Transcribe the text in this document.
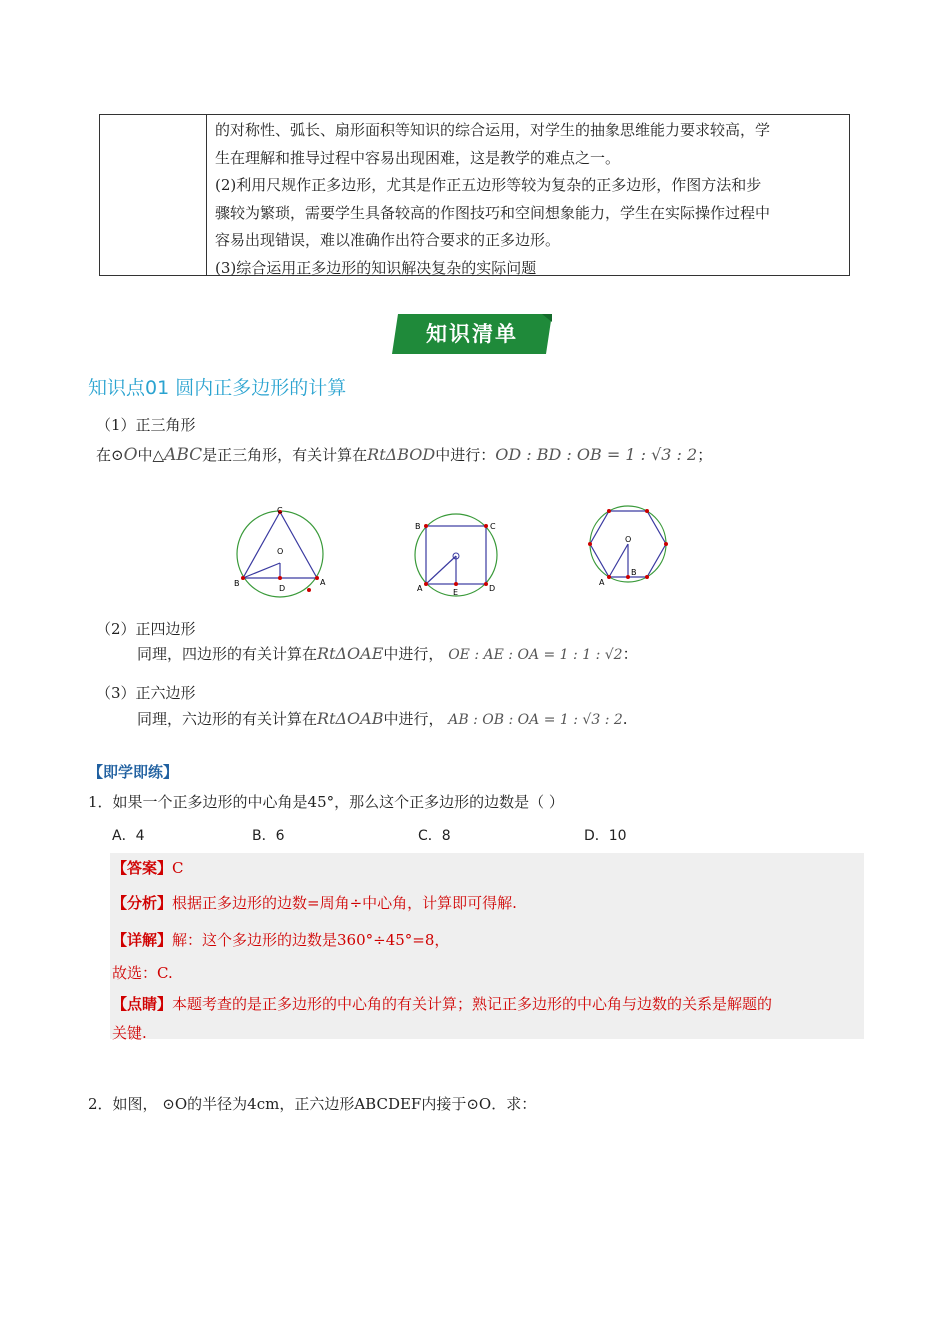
的对称性、弧长、扇形面积等知识的综合运用，对学生的抽象思维能力要求较高，学

生在理解和推导过程中容易出现困难，这是教学的难点之一。

(2)利用尺规作正多边形，尤其是作正五边形等较为复杂的正多边形，作图方法和步

骤较为繁琐，需要学生具备较高的作图技巧和空间想象能力，学生在实际操作过程中

容易出现错误，难以准确作出符合要求的正多边形。

(3)综合运用正多边形的知识解决复杂的实际问题

知识清单
知识点01 圆内正多边形的计算
（1）正三角形
在⊙O中△ABC是正三角形，有关计算在RtΔBOD中进行：OD : BD : OB = 1 : √3 : 2；
C
O
B
D
A
B	C
A	E	D
O
A
B
（2）正四边形
同理，四边形的有关计算在RtΔOAE中进行， OE : AE : OA = 1 : 1 : √2：
（3）正六边形
同理，六边形的有关计算在RtΔOAB中进行， AB : OB : OA = 1 : √3 : 2.
【即学即练】
1．如果一个正多边形的中心角是45°，那么这个正多边形的边数是（ ）
A．4	B．6	C．8	D．10
【答案】C
【分析】根据正多边形的边数=周角÷中心角，计算即可得解.
【详解】解：这个多边形的边数是360°÷45°=8，
故选：C.
【点睛】本题考查的是正多边形的中心角的有关计算；熟记正多边形的中心角与边数的关系是解题的
关键.
2．如图， ⊙O的半径为4cm，正六边形ABCDEF内接于⊙O．求：
